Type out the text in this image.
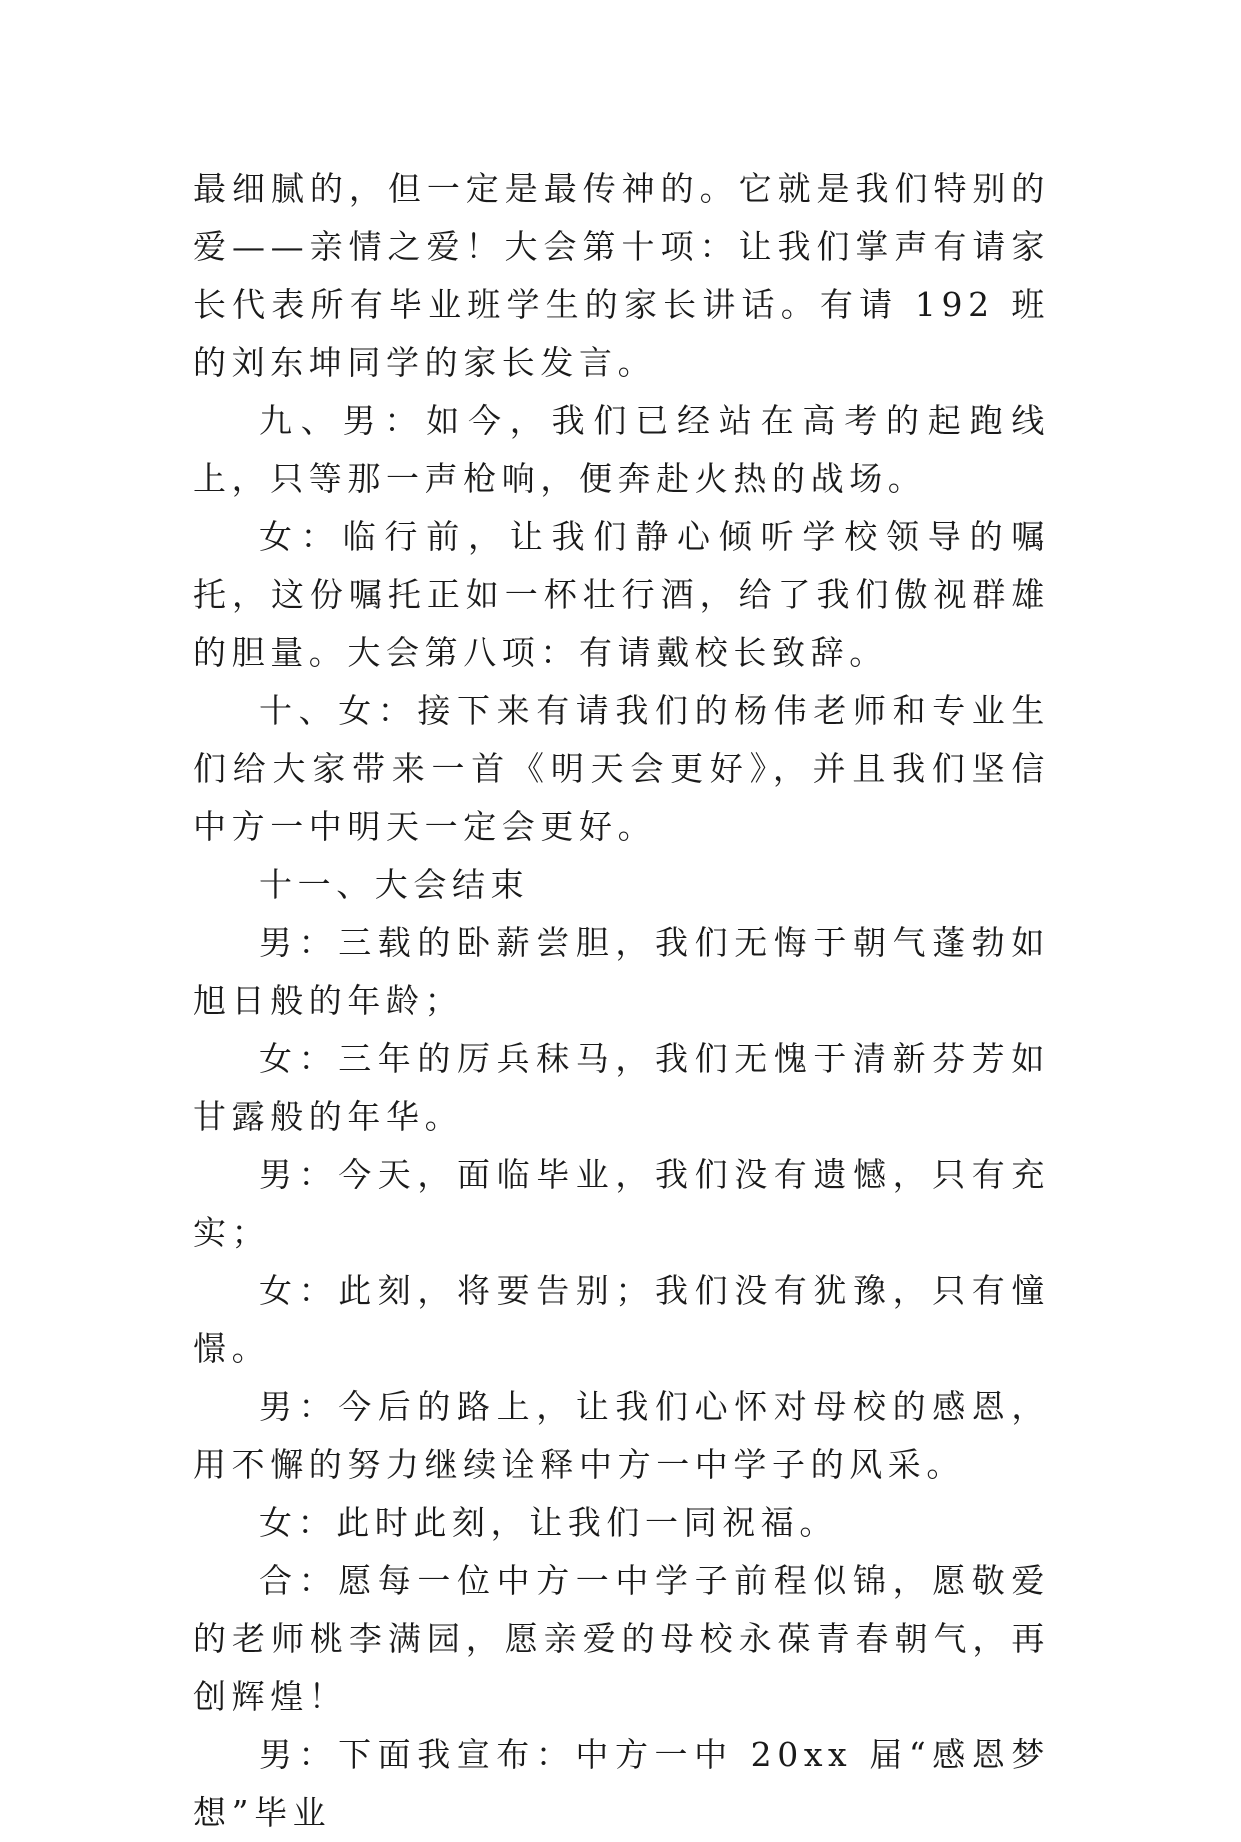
最细腻的，但一定是最传神的。它就是我们特别的爱——亲情之爱！大会第十项：让我们掌声有请家长代表所有毕业班学生的家长讲话。有请 192 班的刘东坤同学的家长发言。

九、男：如今，我们已经站在高考的起跑线上，只等那一声枪响，便奔赴火热的战场。

女：临行前，让我们静心倾听学校领导的嘱托，这份嘱托正如一杯壮行酒，给了我们傲视群雄的胆量。大会第八项：有请戴校长致辞。

十、女：接下来有请我们的杨伟老师和专业生们给大家带来一首《明天会更好》，并且我们坚信中方一中明天一定会更好。

十一、大会结束

男：三载的卧薪尝胆，我们无悔于朝气蓬勃如旭日般的年龄；

女：三年的厉兵秣马，我们无愧于清新芬芳如甘露般的年华。

男：今天，面临毕业，我们没有遗憾，只有充实；

女：此刻，将要告别；我们没有犹豫，只有憧憬。

男：今后的路上，让我们心怀对母校的感恩，用不懈的努力继续诠释中方一中学子的风采。

女：此时此刻，让我们一同祝福。

合：愿每一位中方一中学子前程似锦，愿敬爱的老师桃李满园，愿亲爱的母校永葆青春朝气，再创辉煌！

男：下面我宣布：中方一中 20xx 届“感恩梦想”毕业
